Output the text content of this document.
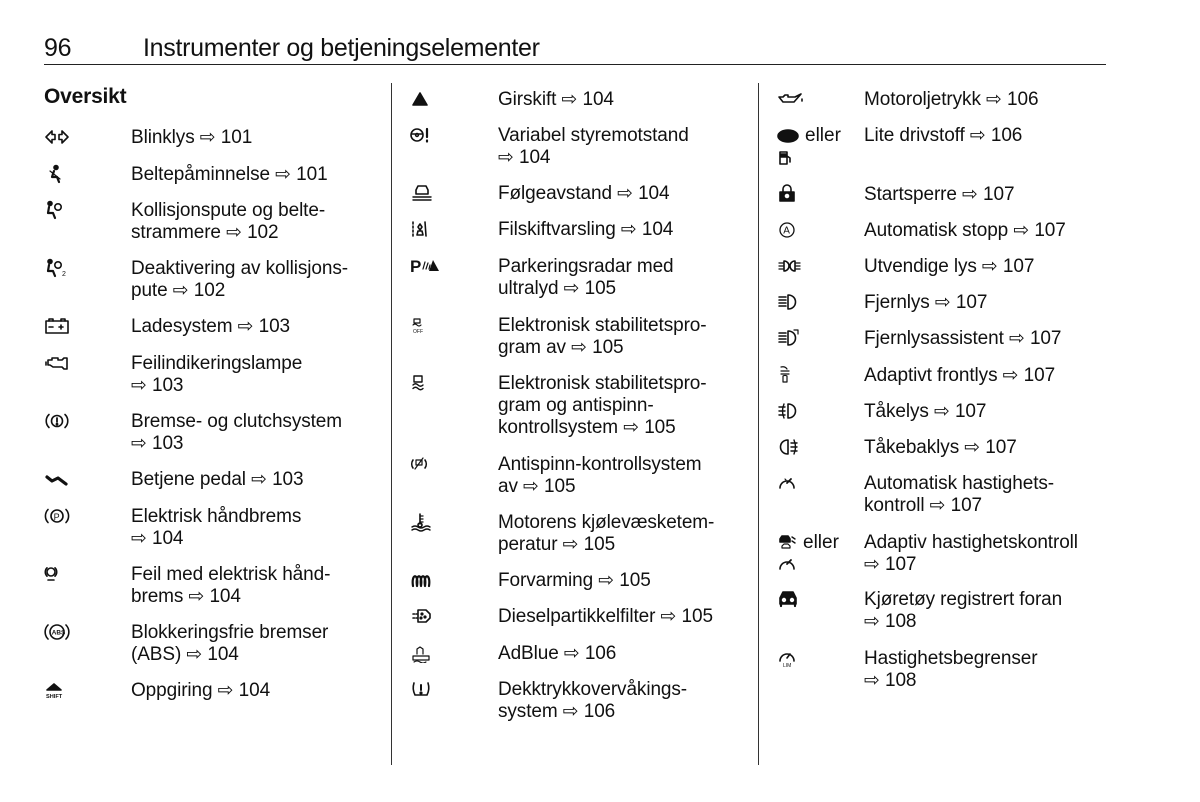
96	Instrumenter og betjeningselementer
Oversikt
Blinklys ⇨ 101
Beltepåminnelse ⇨ 101
Kollisjonspute og belte-
strammere ⇨ 102
2	Deaktivering av kollisjons-
pute ⇨ 102
Ladesystem ⇨ 103
Feilindikeringslampe
⇨ 103
Bremse- og clutchsystem
⇨ 103
Betjene pedal ⇨ 103
P	Elektrisk håndbrems
⇨ 104
Feil med elektrisk hånd-
brems ⇨ 104
ABS	Blokkeringsfrie bremser
(ABS) ⇨ 104
SHIFT	Oppgiring ⇨ 104
Girskift ⇨ 104
Variabel styremotstand
⇨ 104
Følgeavstand ⇨ 104
Filskiftvarsling ⇨ 104
P	Parkeringsradar med
ultralyd ⇨ 105
OFF	Elektronisk stabilitetspro-
gram av ⇨ 105
Elektronisk stabilitetspro-
gram og antispinn-
kontrollsystem ⇨ 105
Antispinn-kontrollsystem
av ⇨ 105
Motorens kjølevæsketem-
peratur ⇨ 105
Forvarming ⇨ 105
Dieselpartikkelfilter ⇨ 105
AdBlue ⇨ 106
Dekktrykkovervåkings-
system ⇨ 106
Motoroljetrykk ⇨ 106
eller Lite drivstoff ⇨ 106
Startsperre ⇨ 107
A	Automatisk stopp ⇨ 107
Utvendige lys ⇨ 107
Fjernlys ⇨ 107
Fjernlysassistent ⇨ 107
Adaptivt frontlys ⇨ 107
Tåkelys ⇨ 107
Tåkebaklys ⇨ 107
Automatisk hastighets-
kontroll ⇨ 107
eller Adaptiv hastighetskontroll
⇨ 107
Kjøretøy registrert foran
⇨ 108
LIM	Hastighetsbegrenser
⇨ 108
